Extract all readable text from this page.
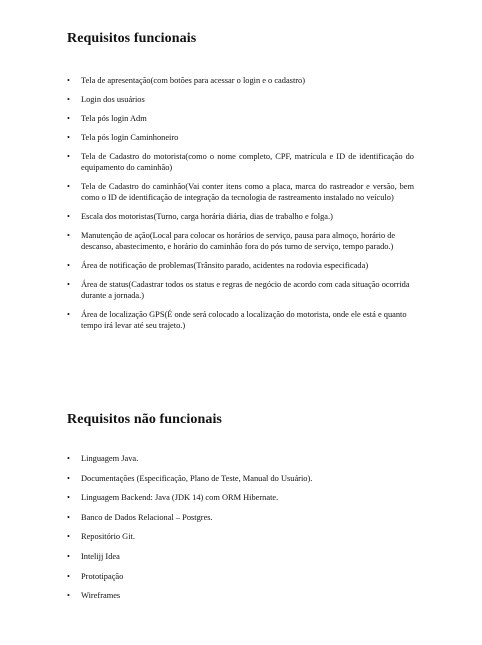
Requisitos funcionais
• Tela de apresentação(com botões para acessar o login e o cadastro)
• Login dos usuários
• Tela pós login Adm
• Tela pós login Caminhoneiro
• Tela de Cadastro do motorista(como o nome completo, CPF, matrícula e ID de identificação do equipamento do caminhão)
• Tela de Cadastro do caminhão(Vai conter itens como a placa, marca do rastreador e versão, bem como o ID de identificação de integração da tecnologia de rastreamento instalado no veículo)
• Escala dos motoristas(Turno, carga horária diária, dias de trabalho e folga.)
• Manutenção de ação(Local para colocar os horários de serviço, pausa para almoço, horário de descanso, abastecimento, e horário do caminhão fora do pós turno de serviço, tempo parado.)
• Área de notificação de problemas(Trânsito parado, acidentes na rodovia especificada)
• Área de status(Cadastrar todos os status e regras de negócio de acordo com cada situação ocorrida durante a jornada.)
• Área de localização GPS(É onde será colocado a localização do motorista, onde ele está e quanto tempo irá levar até seu trajeto.)
Requisitos não funcionais
• Linguagem Java.
• Documentações (Especificação, Plano de Teste, Manual do Usuário).
• Linguagem Backend: Java (JDK 14) com ORM Hibernate.
• Banco de Dados Relacional – Postgres.
• Repositório Git.
• Intelijj Idea
• Prototipação
• Wireframes
